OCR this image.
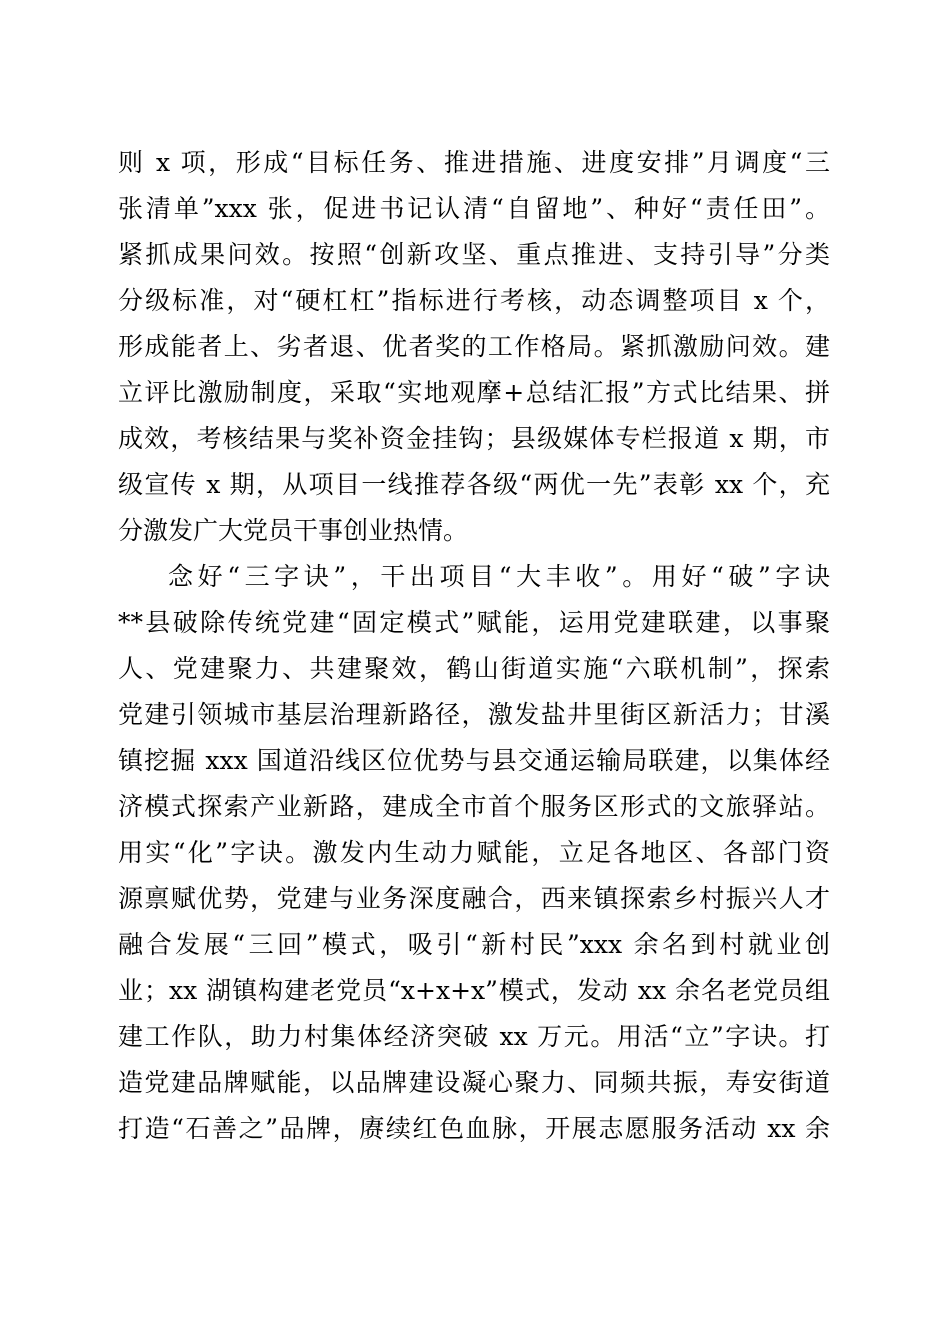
则 x 项，形成“目标任务、推进措施、进度安排”月调度“三
张清单”xxx 张，促进书记认清“自留地”、种好“责任田”。
紧抓成果问效。按照“创新攻坚、重点推进、支持引导”分类
分级标准，对“硬杠杠”指标进行考核，动态调整项目 x 个，
形成能者上、劣者退、优者奖的工作格局。紧抓激励问效。建
立评比激励制度，采取“实地观摩+总结汇报”方式比结果、拼
成效，考核结果与奖补资金挂钩；县级媒体专栏报道 x 期，市
级宣传 x 期，从项目一线推荐各级“两优一先”表彰 xx 个，充
分激发广大党员干事创业热情。
念好“三字诀”，干出项目“大丰收”。用好“破”字诀
**县破除传统党建“固定模式”赋能，运用党建联建，以事聚
人、党建聚力、共建聚效，鹤山街道实施“六联机制”，探索
党建引领城市基层治理新路径，激发盐井里街区新活力；甘溪
镇挖掘 xxx 国道沿线区位优势与县交通运输局联建，以集体经
济模式探索产业新路，建成全市首个服务区形式的文旅驿站。
用实“化”字诀。激发内生动力赋能，立足各地区、各部门资
源禀赋优势，党建与业务深度融合，西来镇探索乡村振兴人才
融合发展“三回”模式，吸引“新村民”xxx 余名到村就业创
业；xx 湖镇构建老党员“x+x+x”模式，发动 xx 余名老党员组
建工作队，助力村集体经济突破 xx 万元。用活“立”字诀。打
造党建品牌赋能，以品牌建设凝心聚力、同频共振，寿安街道
打造“石善之”品牌，赓续红色血脉，开展志愿服务活动 xx 余
